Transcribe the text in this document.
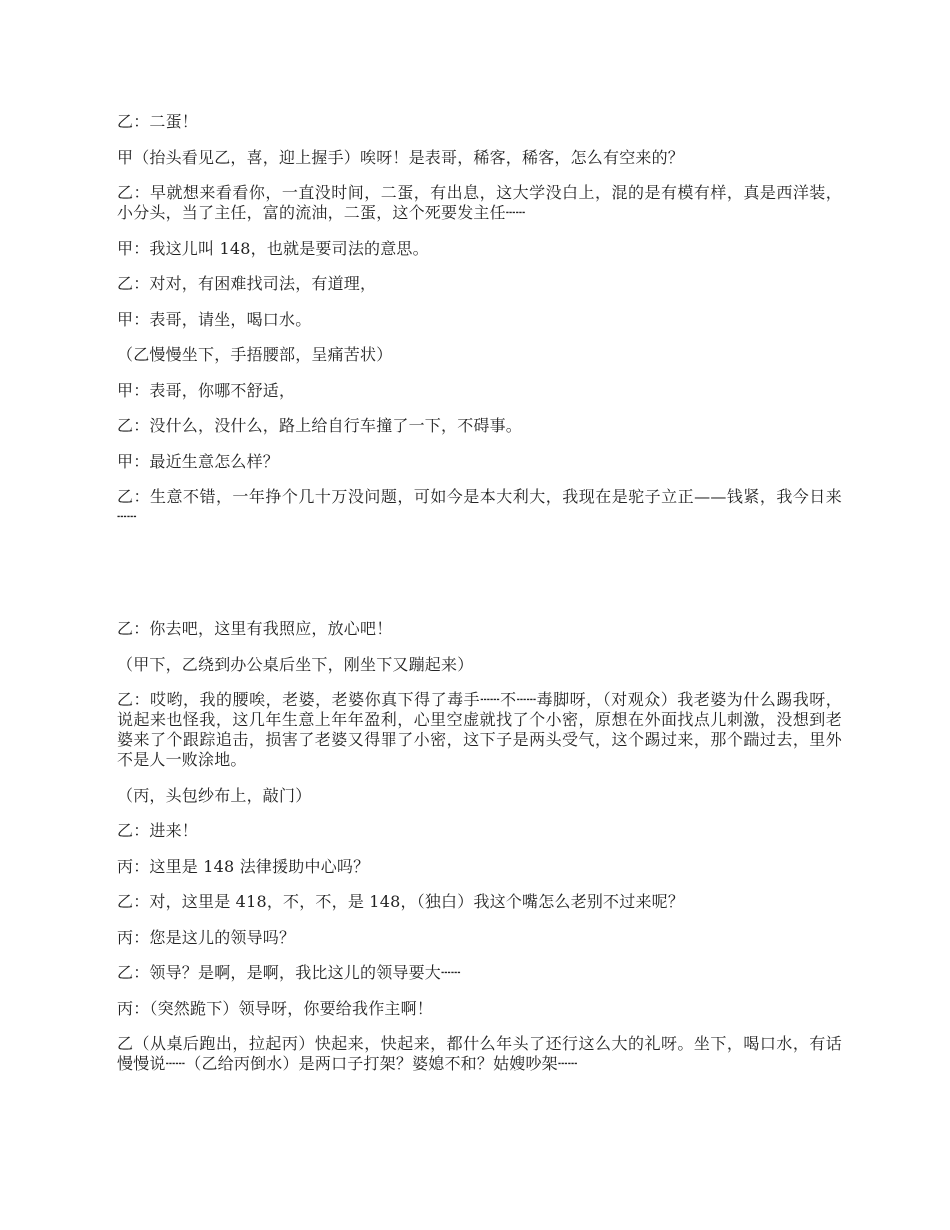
乙：二蛋！

甲（抬头看见乙，喜，迎上握手）唉呀！是表哥，稀客，稀客，怎么有空来的？

乙：早就想来看看你，一直没时间，二蛋，有出息，这大学没白上，混的是有模有样，真是西洋装，小分头，当了主任，富的流油，二蛋，这个死要发主任┄┄

甲：我这儿叫 148，也就是要司法的意思。

乙：对对，有困难找司法，有道理，

甲：表哥，请坐，喝口水。

（乙慢慢坐下，手捂腰部，呈痛苦状）

甲：表哥，你哪不舒适，

乙：没什么，没什么，路上给自行车撞了一下，不碍事。

甲：最近生意怎么样？

乙：生意不错，一年挣个几十万没问题，可如今是本大利大，我现在是驼子立正——钱紧，我今日来┄┄

乙：你去吧，这里有我照应，放心吧！

（甲下，乙绕到办公桌后坐下，刚坐下又蹦起来）

乙：哎哟，我的腰唉，老婆，老婆你真下得了毒手┄┄不┄┄毒脚呀，（对观众）我老婆为什么踢我呀，说起来也怪我，这几年生意上年年盈利，心里空虚就找了个小密，原想在外面找点儿刺激，没想到老婆来了个跟踪追击，损害了老婆又得罪了小密，这下子是两头受气，这个踢过来，那个踹过去，里外不是人一败涂地。

（丙，头包纱布上，敲门）

乙：进来！

丙：这里是 148 法律援助中心吗？

乙：对，这里是 418，不，不，是 148，（独白）我这个嘴怎么老别不过来呢？

丙：您是这儿的领导吗？

乙：领导？是啊，是啊，我比这儿的领导要大┄┄

丙：（突然跪下）领导呀，你要给我作主啊！

乙（从桌后跑出，拉起丙）快起来，快起来，都什么年头了还行这么大的礼呀。坐下，喝口水，有话慢慢说┄┄（乙给丙倒水）是两口子打架？婆媳不和？姑嫂吵架┄┄
